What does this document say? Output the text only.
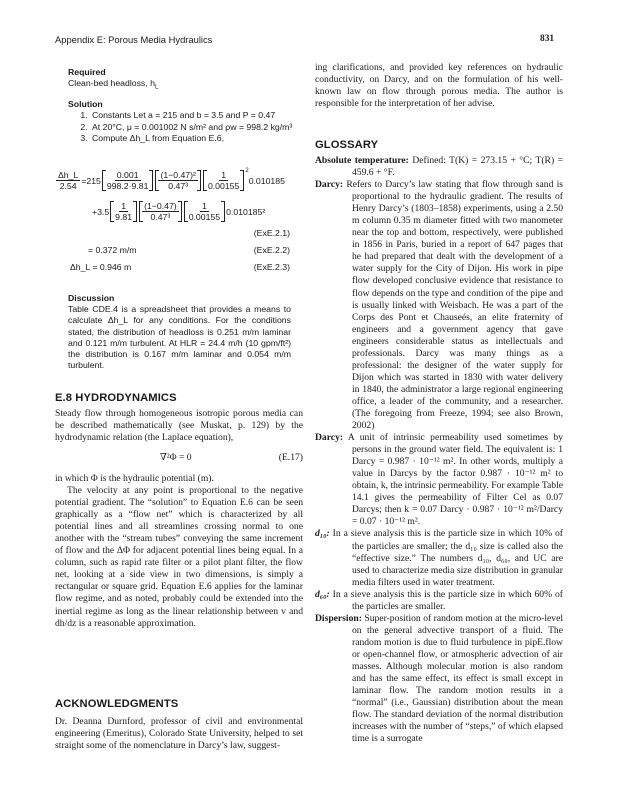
Appendix E: Porous Media Hydraulics	831
Required
Clean-bed headloss, $h_L$
Solution
1. Constants Let a = 215 and b = 3.5 and P = 0.47
2. At 20°C, μ = 0.001002 N s/m² and ρw = 998.2 kg/m³
3. Compute Δh_L from Equation E.6,
$\frac{\Delta h\_L}{2.54} =215 \frac{0.001}{998.2\cdot 9.81} \frac{\text{(1−0.47)²}}{\text{0.47³}} \frac{1}{0.00155} ^2$
0.010185
$+3.5 \frac{1}{9.81} \frac{(1-0.47)}{\text{0.47³}} \frac{1}{0.00155} 0.010185^2$
(ExE.2.1)
= 0.372 m/m	(ExE.2.2)
Δh_L = 0.946 m	(ExE.2.3)
Discussion
Table CDE.4 is a spreadsheet that provides a means to calculate Δh_L for any conditions. For the conditions stated, the distribution of headloss is 0.251 m/m laminar and 0.121 m/m turbulent. At HLR = 24.4 m/h (10 gpm/ft²) the distribution is 0.167 m/m laminar and 0.054 m/m turbulent.
E.8 HYDRODYNAMICS
Steady flow through homogeneous isotropic porous media can be described mathematically (see Muskat, p. 129) by the hydrodynamic relation (the Laplace equation),
∇²Φ = 0	(E.17)

in which Φ is the hydraulic potential (m).

The velocity at any point is proportional to the negative potential gradient. The “solution” to Equation E.6 can be seen graphically as a “flow net” which is characterized by all potential lines and all streamlines crossing normal to one another with the “stream tubes” conveying the same increment of flow and the ΔΦ for adjacent potential lines being equal. In a column, such as rapid rate filter or a pilot plant filter, the flow net, looking at a side view in two dimensions, is simply a rectangular or square grid. Equation E.6 applies for the laminar flow regime, and as noted, probably could be extended into the inertial regime as long as the linear relationship between v and dh/dz is a reasonable approximation.

ACKNOWLEDGMENTS
Dr. Deanna Durnford, professor of civil and environmental engineering (Emeritus), Colorado State University, helped to set straight some of the nomenclature in Darcy’s law, suggest-
ing clarifications, and provided key references on hydraulic conductivity, on Darcy, and on the formulation of his well-known law on flow through porous media. The author is responsible for the interpretation of her advise.
GLOSSARY

Absolute temperature: Defined: T(K) = 273.15 + °C; T(R) = 459.6 + °F.

Darcy: Refers to Darcy’s law stating that flow through sand is proportional to the hydraulic gradient. The results of Henry Darcy’s (1803–1858) experiments, using a 2.50 m column 0.35 m diameter fitted with two manometer near the top and bottom, respectively, were published in 1856 in Paris, buried in a report of 647 pages that he had prepared that dealt with the development of a water supply for the City of Dijon. His work in pipe flow developed conclusive evidence that resistance to flow depends on the type and condition of the pipe and is usually linked with Weisbach. He was a part of the Corps des Pont et Chauseés, an elite fraternity of engineers and a government agency that gave engineers considerable status as intellectuals and professionals. Darcy was many things as a professional: the designer of the water supply for Dijon which was started in 1830 with water delivery in 1840, the administrator a large regional engineering office, a leader of the community, and a researcher. (The foregoing from Freeze, 1994; see also Brown, 2002)

Darcy: A unit of intrinsic permeability used sometimes by persons in the ground water field. The equivalent is: 1 Darcy = 0.987 · 10⁻¹² m². In other words, multiply a value in Darcys by the factor 0.987 · 10⁻¹² m² to obtain, k, the intrinsic permeability. For example Table 14.1 gives the permeability of Filter Cel as 0.07 Darcys; then k = 0.07 Darcy · 0.987 · 10⁻¹² m²/Darcy = 0.07 · 10⁻¹² m².

d₁₀: In a sieve analysis this is the particle size in which 10% of the particles are smaller; the d₁₀ size is called also the “effective size.” The numbers d₁₀, d₆₀, and UC are used to characterize media size distribution in granular media filters used in water treatment.

d₆₀: In a sieve analysis this is the particle size in which 60% of the particles are smaller.

Dispersion: Super-position of random motion at the micro-level on the general advective transport of a fluid. The random motion is due to fluid turbulence in pipE.flow or open-channel flow, or atmospheric advection of air masses. Although molecular motion is also random and has the same effect, its effect is small except in laminar flow. The random motion results in a “normal” (i.e., Gaussian) distribution about the mean flow. The standard deviation of the normal distribution increases with the number of “steps,” of which elapsed time is a surrogate
